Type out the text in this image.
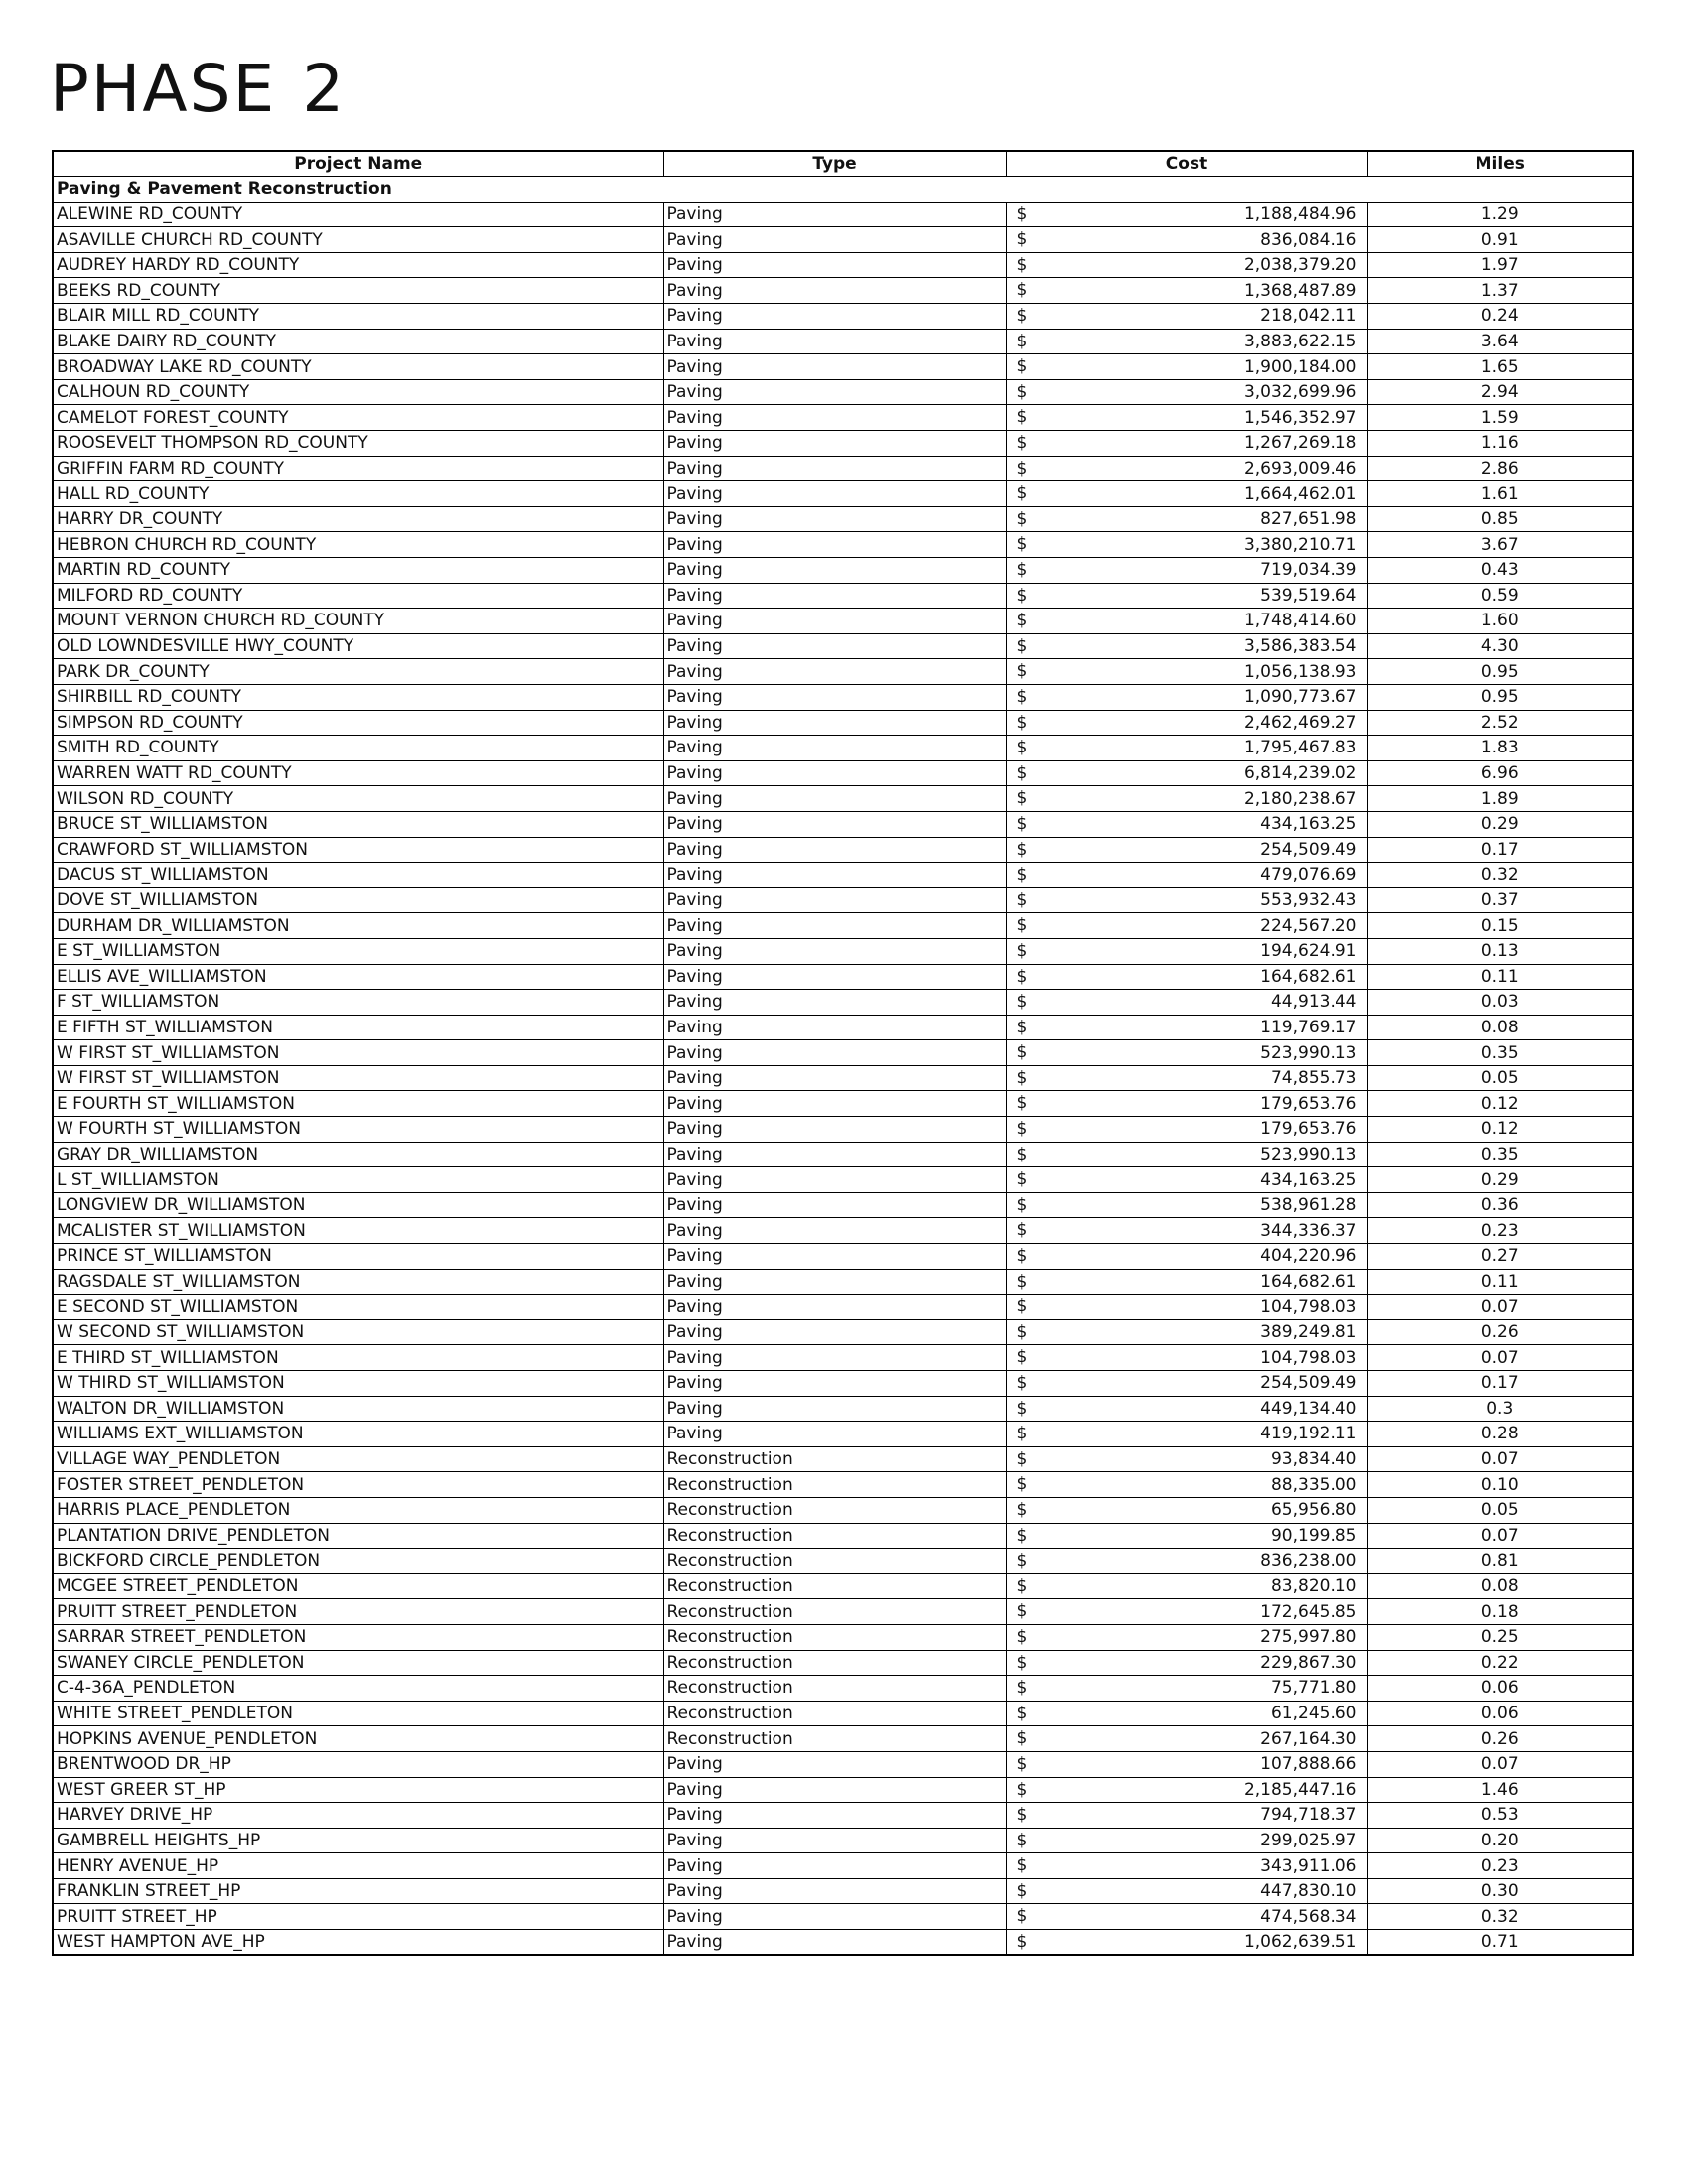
PHASE 2
Project Name	Type	Cost	Miles
Paving & Pavement Reconstruction			
ALEWINE RD_COUNTY	Paving	$ 1,188,484.96	1.29
ASAVILLE CHURCH RD_COUNTY	Paving	$ 836,084.16	0.91
AUDREY HARDY RD_COUNTY	Paving	$ 2,038,379.20	1.97
BEEKS RD_COUNTY	Paving	$ 1,368,487.89	1.37
BLAIR MILL RD_COUNTY	Paving	$ 218,042.11	0.24
BLAKE DAIRY RD_COUNTY	Paving	$ 3,883,622.15	3.64
BROADWAY LAKE RD_COUNTY	Paving	$ 1,900,184.00	1.65
CALHOUN RD_COUNTY	Paving	$ 3,032,699.96	2.94
CAMELOT FOREST_COUNTY	Paving	$ 1,546,352.97	1.59
ROOSEVELT THOMPSON RD_COUNTY	Paving	$ 1,267,269.18	1.16
GRIFFIN FARM RD_COUNTY	Paving	$ 2,693,009.46	2.86
HALL RD_COUNTY	Paving	$ 1,664,462.01	1.61
HARRY DR_COUNTY	Paving	$ 827,651.98	0.85
HEBRON CHURCH RD_COUNTY	Paving	$ 3,380,210.71	3.67
MARTIN RD_COUNTY	Paving	$ 719,034.39	0.43
MILFORD RD_COUNTY	Paving	$ 539,519.64	0.59
MOUNT VERNON CHURCH RD_COUNTY	Paving	$ 1,748,414.60	1.60
OLD LOWNDESVILLE HWY_COUNTY	Paving	$ 3,586,383.54	4.30
PARK DR_COUNTY	Paving	$ 1,056,138.93	0.95
SHIRBILL RD_COUNTY	Paving	$ 1,090,773.67	0.95
SIMPSON RD_COUNTY	Paving	$ 2,462,469.27	2.52
SMITH RD_COUNTY	Paving	$ 1,795,467.83	1.83
WARREN WATT RD_COUNTY	Paving	$ 6,814,239.02	6.96
WILSON RD_COUNTY	Paving	$ 2,180,238.67	1.89
BRUCE ST_WILLIAMSTON	Paving	$ 434,163.25	0.29
CRAWFORD ST_WILLIAMSTON	Paving	$ 254,509.49	0.17
DACUS ST_WILLIAMSTON	Paving	$ 479,076.69	0.32
DOVE ST_WILLIAMSTON	Paving	$ 553,932.43	0.37
DURHAM DR_WILLIAMSTON	Paving	$ 224,567.20	0.15
E ST_WILLIAMSTON	Paving	$ 194,624.91	0.13
ELLIS AVE_WILLIAMSTON	Paving	$ 164,682.61	0.11
F ST_WILLIAMSTON	Paving	$ 44,913.44	0.03
E FIFTH ST_WILLIAMSTON	Paving	$ 119,769.17	0.08
W FIRST ST_WILLIAMSTON	Paving	$ 523,990.13	0.35
W FIRST ST_WILLIAMSTON	Paving	$ 74,855.73	0.05
E FOURTH ST_WILLIAMSTON	Paving	$ 179,653.76	0.12
W FOURTH ST_WILLIAMSTON	Paving	$ 179,653.76	0.12
GRAY DR_WILLIAMSTON	Paving	$ 523,990.13	0.35
L ST_WILLIAMSTON	Paving	$ 434,163.25	0.29
LONGVIEW DR_WILLIAMSTON	Paving	$ 538,961.28	0.36
MCALISTER ST_WILLIAMSTON	Paving	$ 344,336.37	0.23
PRINCE ST_WILLIAMSTON	Paving	$ 404,220.96	0.27
RAGSDALE ST_WILLIAMSTON	Paving	$ 164,682.61	0.11
E SECOND ST_WILLIAMSTON	Paving	$ 104,798.03	0.07
W SECOND ST_WILLIAMSTON	Paving	$ 389,249.81	0.26
E THIRD ST_WILLIAMSTON	Paving	$ 104,798.03	0.07
W THIRD ST_WILLIAMSTON	Paving	$ 254,509.49	0.17
WALTON DR_WILLIAMSTON	Paving	$ 449,134.40	0.3
WILLIAMS EXT_WILLIAMSTON	Paving	$ 419,192.11	0.28
VILLAGE WAY_PENDLETON	Reconstruction	$ 93,834.40	0.07
FOSTER STREET_PENDLETON	Reconstruction	$ 88,335.00	0.10
HARRIS PLACE_PENDLETON	Reconstruction	$ 65,956.80	0.05
PLANTATION DRIVE_PENDLETON	Reconstruction	$ 90,199.85	0.07
BICKFORD CIRCLE_PENDLETON	Reconstruction	$ 836,238.00	0.81
MCGEE STREET_PENDLETON	Reconstruction	$ 83,820.10	0.08
PRUITT STREET_PENDLETON	Reconstruction	$ 172,645.85	0.18
SARRAR STREET_PENDLETON	Reconstruction	$ 275,997.80	0.25
SWANEY CIRCLE_PENDLETON	Reconstruction	$ 229,867.30	0.22
C-4-36A_PENDLETON	Reconstruction	$ 75,771.80	0.06
WHITE STREET_PENDLETON	Reconstruction	$ 61,245.60	0.06
HOPKINS AVENUE_PENDLETON	Reconstruction	$ 267,164.30	0.26
BRENTWOOD DR_HP	Paving	$ 107,888.66	0.07
WEST GREER ST_HP	Paving	$ 2,185,447.16	1.46
HARVEY DRIVE_HP	Paving	$ 794,718.37	0.53
GAMBRELL HEIGHTS_HP	Paving	$ 299,025.97	0.20
HENRY AVENUE_HP	Paving	$ 343,911.06	0.23
FRANKLIN STREET_HP	Paving	$ 447,830.10	0.30
PRUITT STREET_HP	Paving	$ 474,568.34	0.32
WEST HAMPTON AVE_HP	Paving	$ 1,062,639.51	0.71
